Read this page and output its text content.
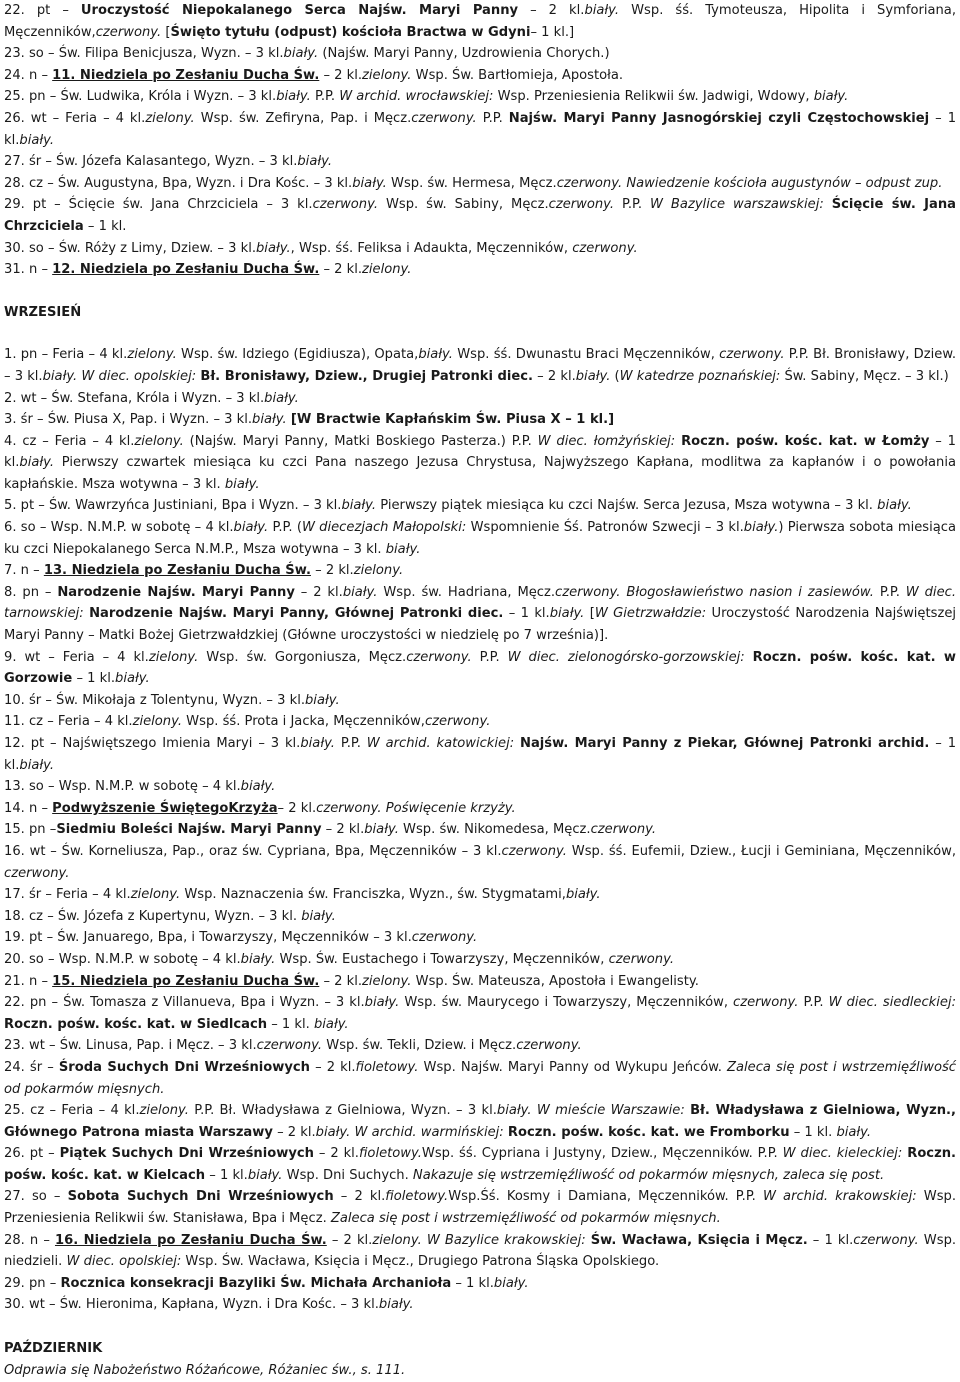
22. pt – Uroczystość Niepokalanego Serca Najśw. Maryi Panny – 2 kl.biały. Wsp. śś. Tymoteusza, Hipolita i Symforiana, Męczenników,czerwony. [Święto tytułu (odpust) kościoła Bractwa w Gdyni– 1 kl.]
23. so – Św. Filipa Benicjusza, Wyzn. – 3 kl.biały. (Najśw. Maryi Panny, Uzdrowienia Chorych.)
24. n – 11. Niedziela po Zesłaniu Ducha Św. – 2 kl.zielony. Wsp. Św. Bartłomieja, Apostoła.
25. pn – Św. Ludwika, Króla i Wyzn. – 3 kl.biały. P.P. W archid. wrocławskiej: Wsp. Przeniesienia Relikwii św. Jadwigi, Wdowy, biały.
26. wt – Feria – 4 kl.zielony. Wsp. św. Zefiryna, Pap. i Męcz.czerwony. P.P. Najśw. Maryi Panny Jasnogórskiej czyli Częstochowskiej – 1 kl.biały.
27. śr – Św. Józefa Kalasantego, Wyzn. – 3 kl.biały.
28. cz – Św. Augustyna, Bpa, Wyzn. i Dra Kośc. – 3 kl.biały. Wsp. św. Hermesa, Męcz.czerwony. Nawiedzenie kościoła augustynów – odpust zup.
29. pt – Ścięcie św. Jana Chrzciciela – 3 kl.czerwony. Wsp. św. Sabiny, Męcz.czerwony. P.P. W Bazylice warszawskiej: Ścięcie św. Jana Chrzciciela – 1 kl.
30. so – Św. Róży z Limy, Dziew. – 3 kl.biały., Wsp. śś. Feliksa i Adaukta, Męczenników, czerwony.
31. n – 12. Niedziela po Zesłaniu Ducha Św. – 2 kl.zielony.
WRZESIEŃ
1. pn – Feria – 4 kl.zielony. Wsp. św. Idziego (Egidiusza), Opata,biały. Wsp. śś. Dwunastu Braci Męczenników, czerwony. P.P. Bł. Bronisławy, Dziew. – 3 kl.biały. W diec. opolskiej: Bł. Bronisławy, Dziew., Drugiej Patronki diec. – 2 kl.biały. (W katedrze poznańskiej: Św. Sabiny, Męcz. – 3 kl.)
2. wt – Św. Stefana, Króla i Wyzn. – 3 kl.biały.
3. śr – Św. Piusa X, Pap. i Wyzn. – 3 kl.biały. [W Bractwie Kapłańskim Św. Piusa X – 1 kl.]
4. cz – Feria – 4 kl.zielony. (Najśw. Maryi Panny, Matki Boskiego Pasterza.) P.P. W diec. łomżyńskiej: Roczn. pośw. kośc. kat. w Łomży – 1 kl.biały. Pierwszy czwartek miesiąca ku czci Pana naszego Jezusa Chrystusa, Najwyższego Kapłana, modlitwa za kapłanów i o powołania kapłańskie. Msza wotywna – 3 kl. biały.
5. pt – Św. Wawrzyńca Justiniani, Bpa i Wyzn. – 3 kl.biały. Pierwszy piątek miesiąca ku czci Najśw. Serca Jezusa, Msza wotywna – 3 kl. biały.
6. so – Wsp. N.M.P. w sobotę – 4 kl.biały. P.P. (W diecezjach Małopolski: Wspomnienie Śś. Patronów Szwecji – 3 kl.biały.) Pierwsza sobota miesiąca ku czci Niepokalanego Serca N.M.P., Msza wotywna – 3 kl. biały.
7. n – 13. Niedziela po Zesłaniu Ducha Św. – 2 kl.zielony.
8. pn – Narodzenie Najśw. Maryi Panny – 2 kl.biały. Wsp. św. Hadriana, Męcz.czerwony. Błogosławieństwo nasion i zasiewów. P.P. W diec. tarnowskiej: Narodzenie Najśw. Maryi Panny, Głównej Patronki diec. – 1 kl.biały. [W Gietrzwałdzie: Uroczystość Narodzenia Najświętszej Maryi Panny – Matki Bożej Gietrzwałdzkiej (Główne uroczystości w niedzielę po 7 września)].
9. wt – Feria – 4 kl.zielony. Wsp. św. Gorgoniusza, Męcz.czerwony. P.P. W diec. zielonogórsko-gorzowskiej: Roczn. pośw. kośc. kat. w Gorzowie – 1 kl.biały.
10. śr – Św. Mikołaja z Tolentynu, Wyzn. – 3 kl.biały.
11. cz – Feria – 4 kl.zielony. Wsp. śś. Prota i Jacka, Męczenników,czerwony.
12. pt – Najświętszego Imienia Maryi – 3 kl.biały. P.P. W archid. katowickiej: Najśw. Maryi Panny z Piekar, Głównej Patronki archid. – 1 kl.biały.
13. so – Wsp. N.M.P. w sobotę – 4 kl.biały.
14. n – Podwyższenie ŚwiętegoKrzyża– 2 kl.czerwony. Poświęcenie krzyży.
15. pn –Siedmiu Boleści Najśw. Maryi Panny – 2 kl.biały. Wsp. św. Nikomedesa, Męcz.czerwony.
16. wt – Św. Korneliusza, Pap., oraz św. Cypriana, Bpa, Męczenników – 3 kl.czerwony. Wsp. śś. Eufemii, Dziew., Łucji i Geminiana, Męczenników, czerwony.
17. śr – Feria – 4 kl.zielony. Wsp. Naznaczenia św. Franciszka, Wyzn., św. Stygmatami,biały.
18. cz – Św. Józefa z Kupertynu, Wyzn. – 3 kl. biały.
19. pt – Św. Januarego, Bpa, i Towarzyszy, Męczenników – 3 kl.czerwony.
20. so – Wsp. N.M.P. w sobotę – 4 kl.biały. Wsp. Św. Eustachego i Towarzyszy, Męczenników, czerwony.
21. n – 15. Niedziela po Zesłaniu Ducha Św. – 2 kl.zielony. Wsp. Św. Mateusza, Apostoła i Ewangelisty.
22. pn – Św. Tomasza z Villanueva, Bpa i Wyzn. – 3 kl.biały. Wsp. św. Maurycego i Towarzyszy, Męczenników, czerwony. P.P. W diec. siedleckiej: Roczn. pośw. kośc. kat. w Siedlcach – 1 kl. biały.
23. wt – Św. Linusa, Pap. i Męcz. – 3 kl.czerwony. Wsp. św. Tekli, Dziew. i Męcz.czerwony.
24. śr – Środa Suchych Dni Wrześniowych – 2 kl.fioletowy. Wsp. Najśw. Maryi Panny od Wykupu Jeńców. Zaleca się post i wstrzemięźliwość od pokarmów mięsnych.
25. cz – Feria – 4 kl.zielony. P.P. Bł. Władysława z Gielniowa, Wyzn. – 3 kl.biały. W mieście Warszawie: Bł. Władysława z Gielniowa, Wyzn., Głównego Patrona miasta Warszawy – 2 kl.biały. W archid. warmińskiej: Roczn. pośw. kośc. kat. we Fromborku – 1 kl. biały.
26. pt – Piątek Suchych Dni Wrześniowych – 2 kl.fioletowy.Wsp. śś. Cypriana i Justyny, Dziew., Męczenników. P.P. W diec. kieleckiej: Roczn. pośw. kośc. kat. w Kielcach – 1 kl.biały. Wsp. Dni Suchych. Nakazuje się wstrzemięźliwość od pokarmów mięsnych, zaleca się post.
27. so – Sobota Suchych Dni Wrześniowych – 2 kl.fioletowy.Wsp.Śś. Kosmy i Damiana, Męczenników. P.P. W archid. krakowskiej: Wsp. Przeniesienia Relikwii św. Stanisława, Bpa i Męcz. Zaleca się post i wstrzemięźliwość od pokarmów mięsnych.
28. n – 16. Niedziela po Zesłaniu Ducha Św. – 2 kl.zielony. W Bazylice krakowskiej: Św. Wacława, Księcia i Męcz. – 1 kl.czerwony. Wsp. niedzieli. W diec. opolskiej: Wsp. Św. Wacława, Księcia i Męcz., Drugiego Patrona Śląska Opolskiego.
29. pn – Rocznica konsekracji Bazyliki Św. Michała Archanioła – 1 kl.biały.
30. wt – Św. Hieronima, Kapłana, Wyzn. i Dra Kośc. – 3 kl.biały.
PAŹDZIERNIK
Odprawia się Nabożeństwo Różańcowe, Różaniec św., s. 111.
